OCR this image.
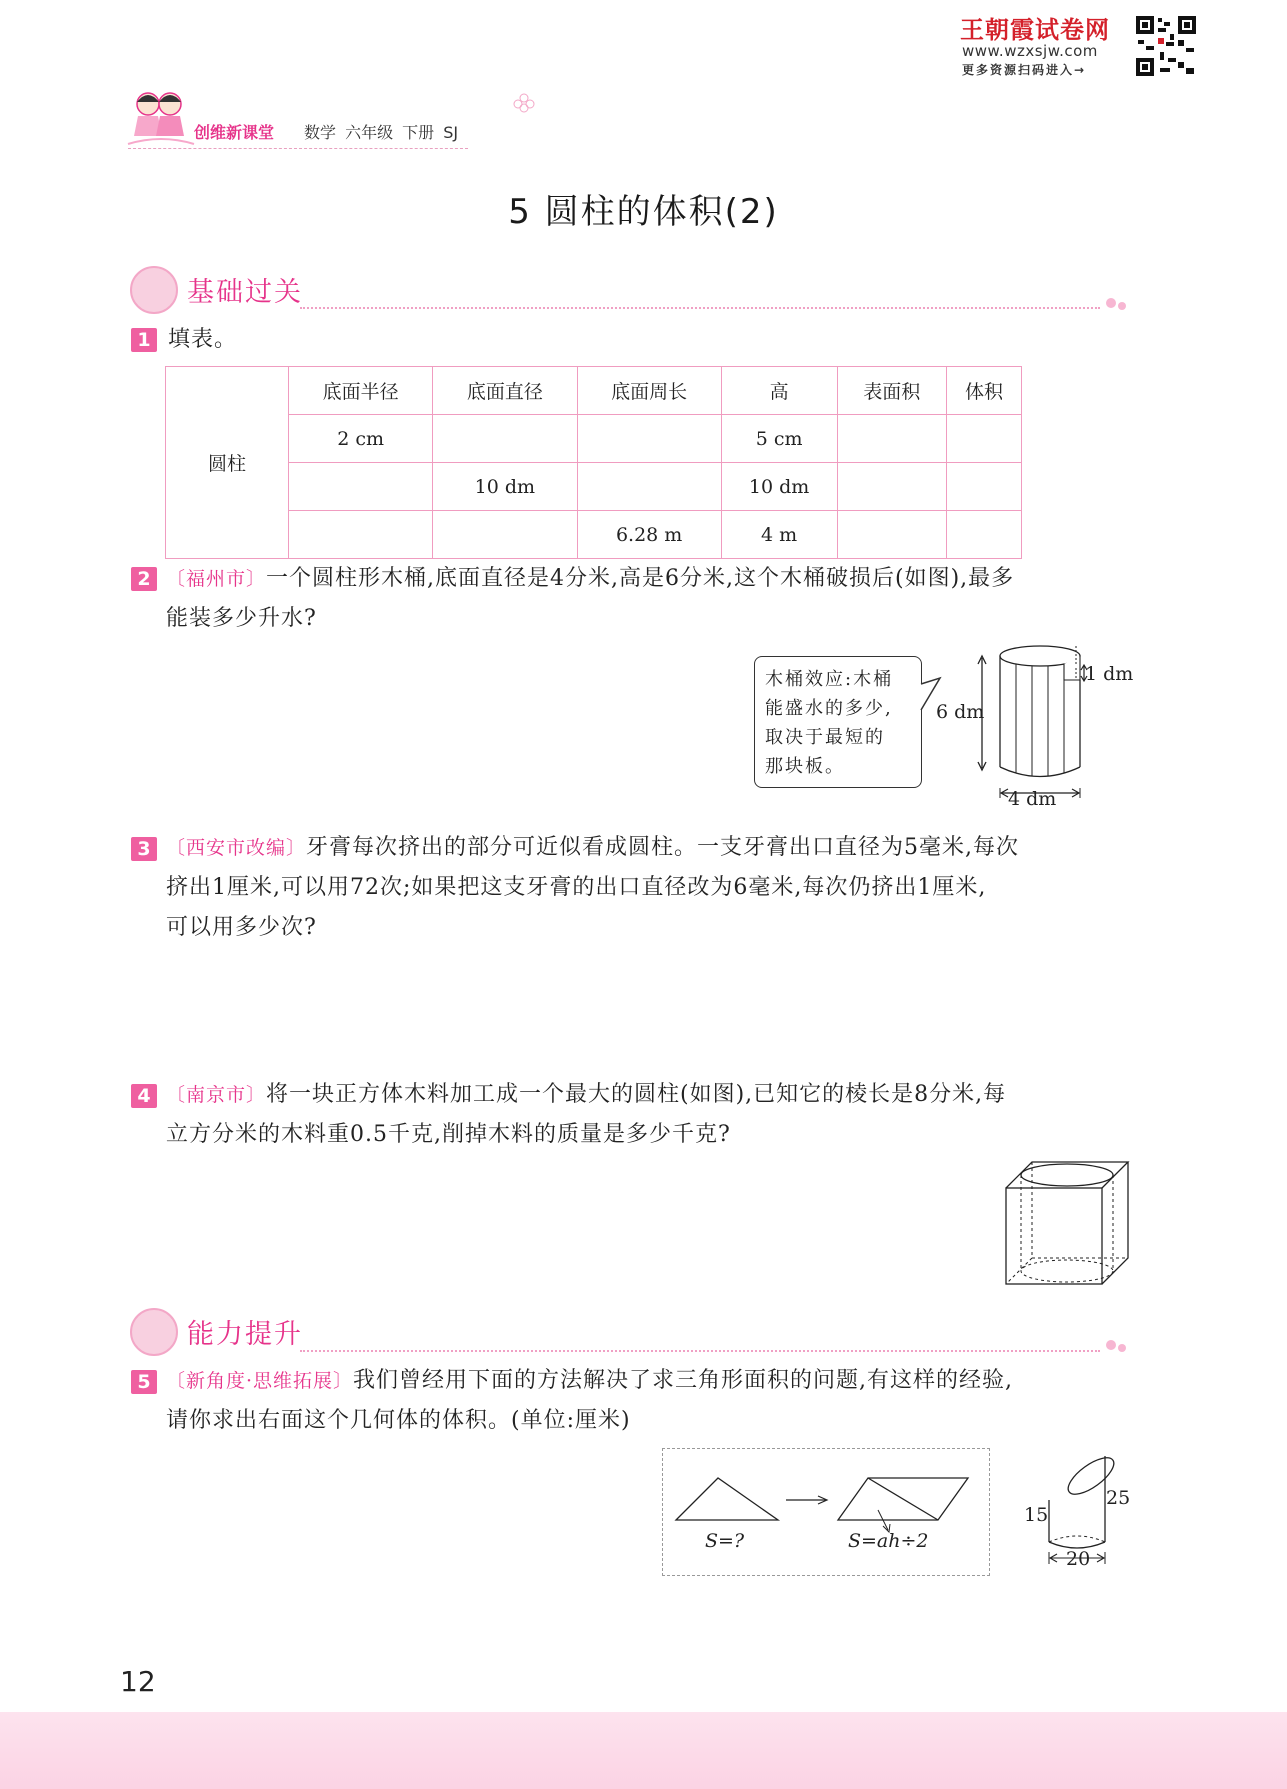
王朝霞试卷网
www.wzxsjw.com
更多资源扫码进入→
创维新课堂 数学 六年级 下册 SJ
5 圆柱的体积(2)
基础过关
1 填表。
圆柱	底面半径	底面直径	底面周长	高	表面积	体积
	2 cm			5 cm		
		10 dm		10 dm		
			6.28 m	4 m		
2 〔福州市〕一个圆柱形木桶,底面直径是4分米,高是6分米,这个木桶破损后(如图),最多
能装多少升水?
木桶效应:木桶
能盛水的多少,
取决于最短的
那块板。
1 dm
6 dm
4 dm
3 〔西安市改编〕牙膏每次挤出的部分可近似看成圆柱。一支牙膏出口直径为5毫米,每次
挤出1厘米,可以用72次;如果把这支牙膏的出口直径改为6毫米,每次仍挤出1厘米,
可以用多少次?
4 〔南京市〕将一块正方体木料加工成一个最大的圆柱(如图),已知它的棱长是8分米,每
立方分米的木料重0.5千克,削掉木料的质量是多少千克?
能力提升
5 〔新角度·思维拓展〕我们曾经用下面的方法解决了求三角形面积的问题,有这样的经验,
请你求出右面这个几何体的体积。(单位:厘米)
S=?	S=ah÷2
15
25
20
12
